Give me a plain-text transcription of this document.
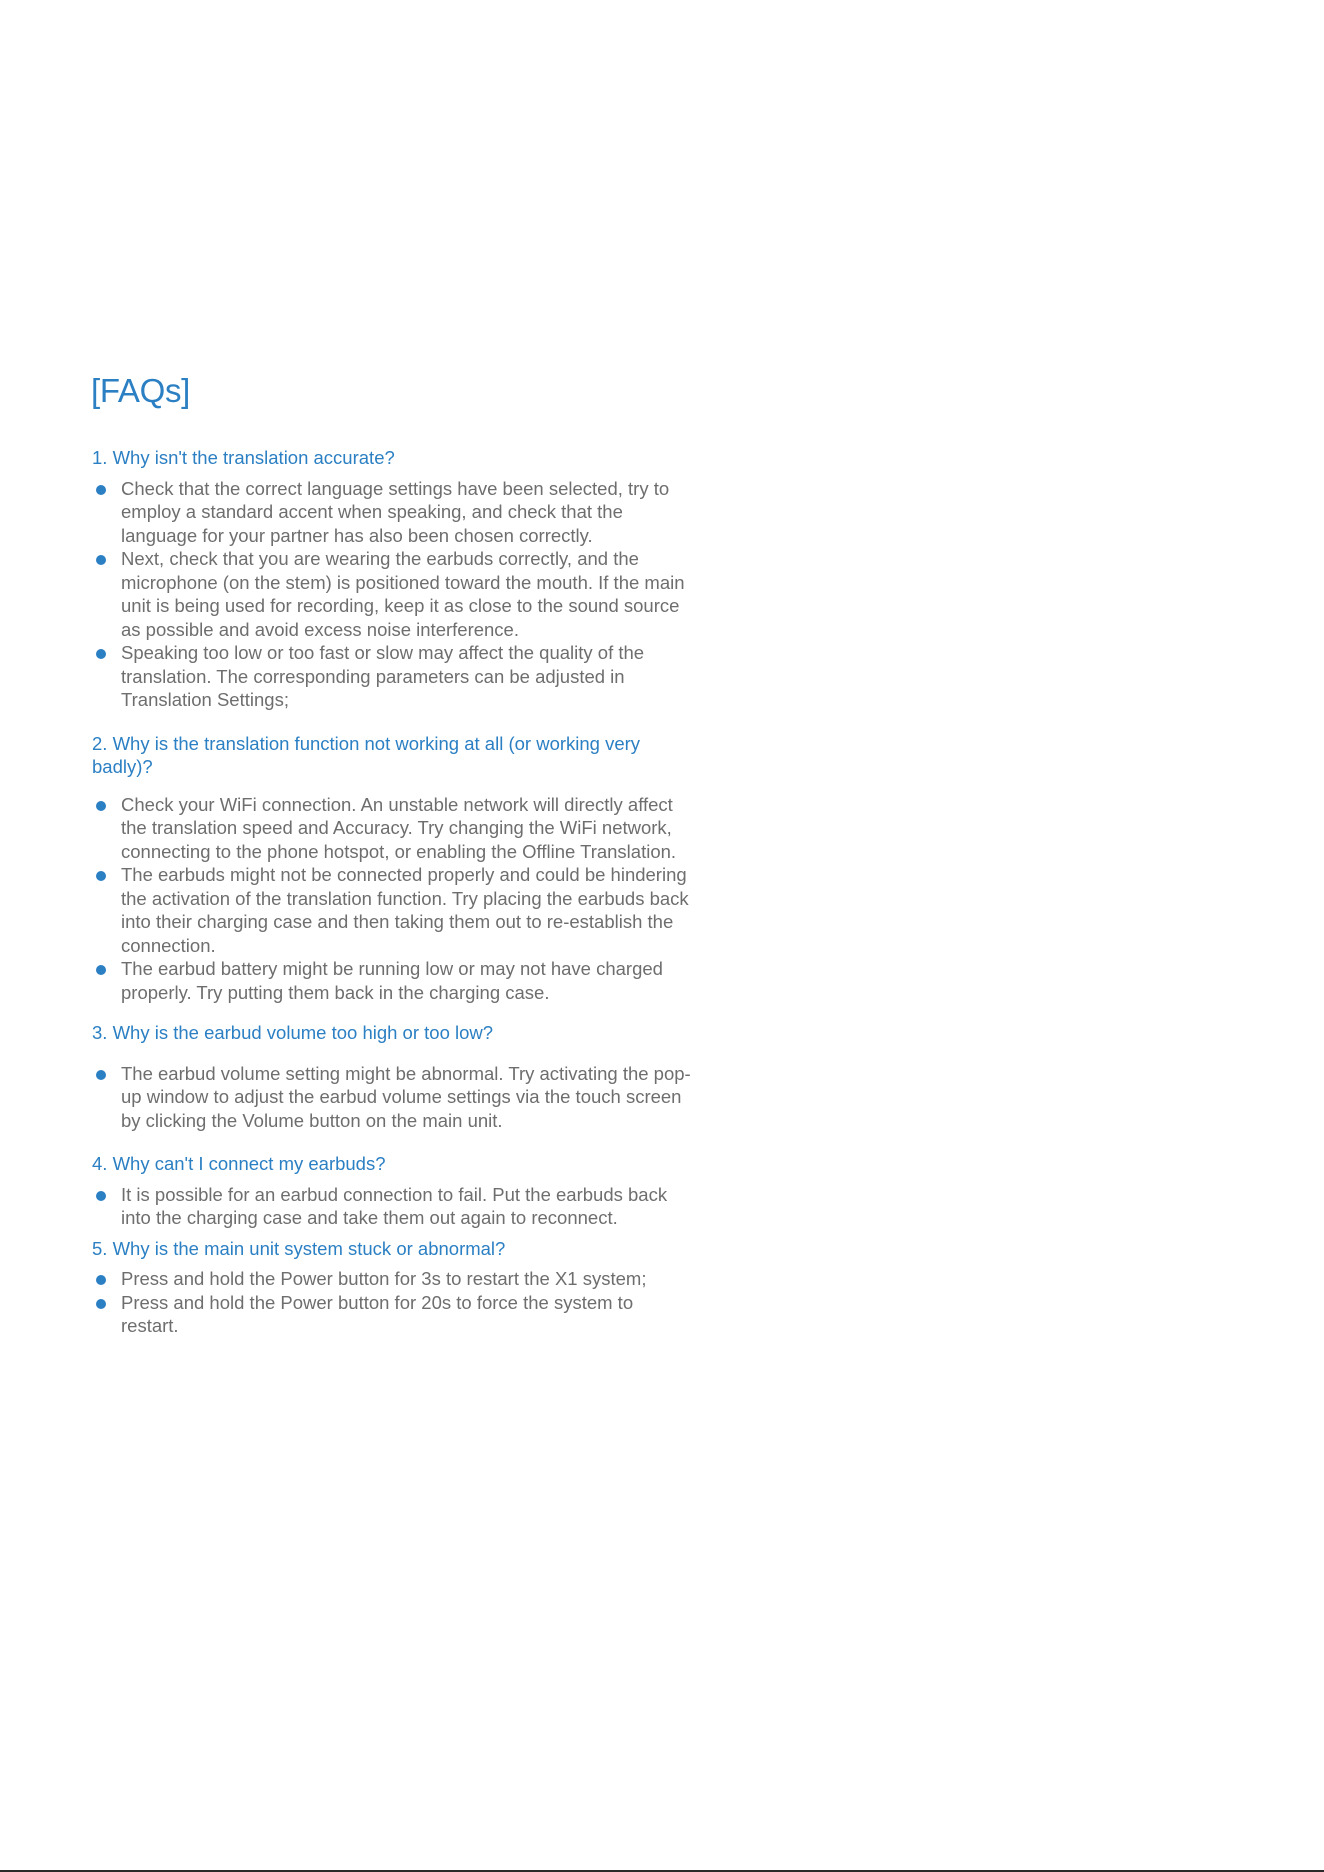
[FAQs]
1. Why isn't the translation accurate?
Check that the correct language settings have been selected, try to employ a standard accent when speaking, and check that the language for your partner has also been chosen correctly.
Next, check that you are wearing the earbuds correctly, and the microphone (on the stem) is positioned toward the mouth. If the main unit is being used for recording, keep it as close to the sound source as possible and avoid excess noise interference.
Speaking too low or too fast or slow may affect the quality of the translation. The corresponding parameters can be adjusted in Translation Settings;
2. Why is the translation function not working at all (or working very badly)?
Check your WiFi connection. An unstable network will directly affect the translation speed and Accuracy. Try changing the WiFi network, connecting to the phone hotspot, or enabling the Offline Translation.
The earbuds might not be connected properly and could be hindering the activation of the translation function. Try placing the earbuds back into their charging case and then taking them out to re-establish the connection.
The earbud battery might be running low or may not have charged properly. Try putting them back in the charging case.
3. Why is the earbud volume too high or too low?
The earbud volume setting might be abnormal. Try activating the pop-up window to adjust the earbud volume settings via the touch screen by clicking the Volume button on the main unit.
4. Why can't I connect my earbuds?
It is possible for an earbud connection to fail. Put the earbuds back into the charging case and take them out again to reconnect.
5. Why is the main unit system stuck or abnormal?
Press and hold the Power button for 3s to restart the X1 system;
Press and hold the Power button for 20s to force the system to restart.
